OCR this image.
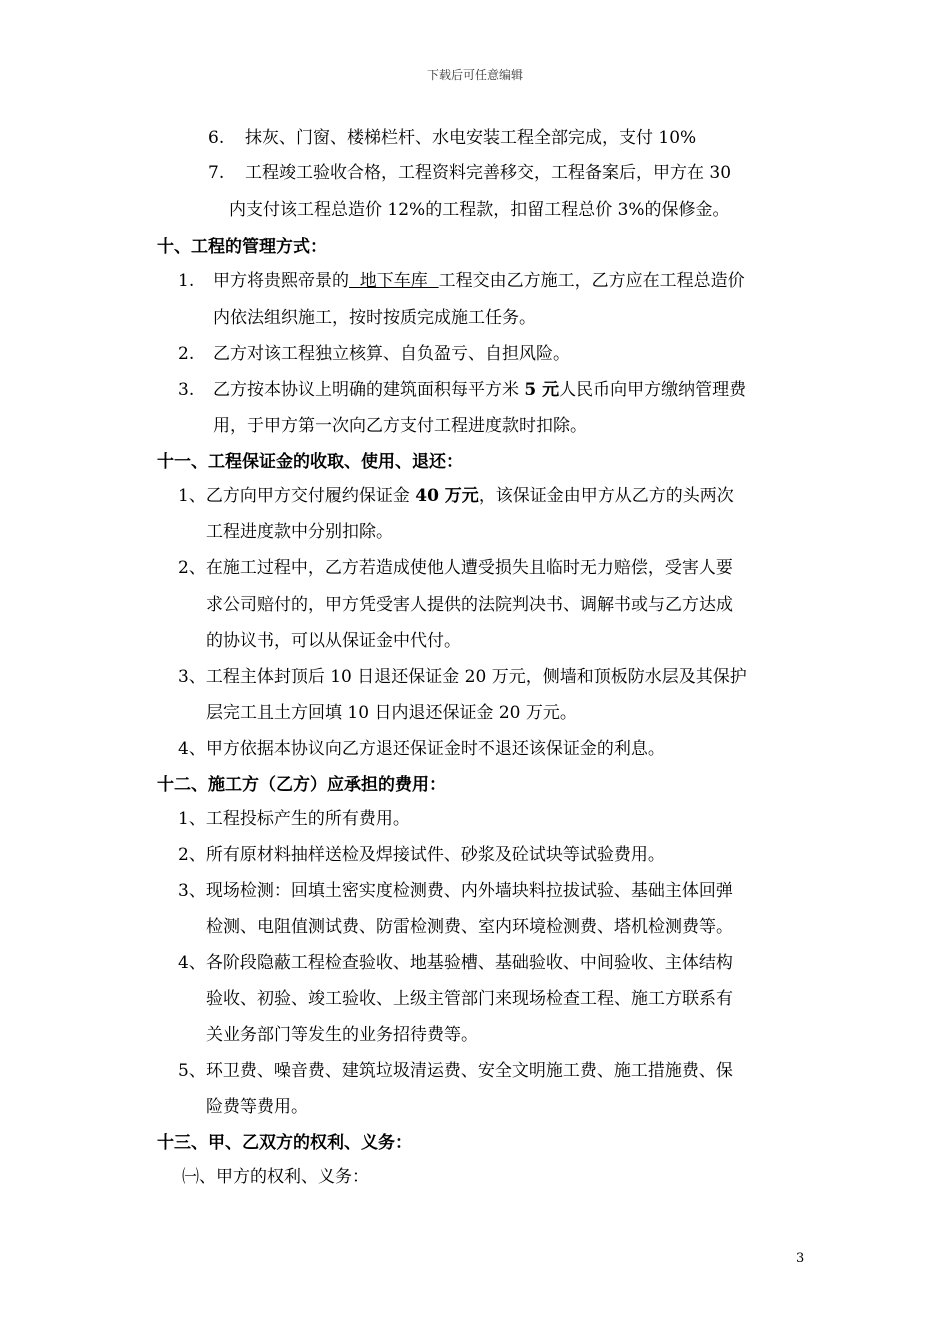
下载后可任意编辑
6. 抹灰、门窗、楼梯栏杆、水电安装工程全部完成，支付 10%
7. 工程竣工验收合格，工程资料完善移交，工程备案后，甲方在 30
内支付该工程总造价 12%的工程款，扣留工程总价 3%的保修金。
十、工程的管理方式：
1. 甲方将贵熙帝景的  地下车库  工程交由乙方施工，乙方应在工程总造价
内依法组织施工，按时按质完成施工任务。
2. 乙方对该工程独立核算、自负盈亏、自担风险。
3. 乙方按本协议上明确的建筑面积每平方米 5 元人民币向甲方缴纳管理费
用，于甲方第一次向乙方支付工程进度款时扣除。
十一、工程保证金的收取、使用、退还：
1、乙方向甲方交付履约保证金 40 万元，该保证金由甲方从乙方的头两次
工程进度款中分别扣除。
2、在施工过程中，乙方若造成使他人遭受损失且临时无力赔偿，受害人要
求公司赔付的，甲方凭受害人提供的法院判决书、调解书或与乙方达成
的协议书，可以从保证金中代付。
3、工程主体封顶后 10 日退还保证金 20 万元，侧墙和顶板防水层及其保护
层完工且土方回填 10 日内退还保证金 20 万元。
4、甲方依据本协议向乙方退还保证金时不退还该保证金的利息。
十二、施工方（乙方）应承担的费用：
1、工程投标产生的所有费用。
2、所有原材料抽样送检及焊接试件、砂浆及砼试块等试验费用。
3、现场检测：回填土密实度检测费、内外墙块料拉拔试验、基础主体回弹
检测、电阻值测试费、防雷检测费、室内环境检测费、塔机检测费等。
4、各阶段隐蔽工程检查验收、地基验槽、基础验收、中间验收、主体结构
验收、初验、竣工验收、上级主管部门来现场检查工程、施工方联系有
关业务部门等发生的业务招待费等。
5、环卫费、噪音费、建筑垃圾清运费、安全文明施工费、施工措施费、保
险费等费用。
十三、甲、乙双方的权利、义务：
㈠、甲方的权利、义务：
3
